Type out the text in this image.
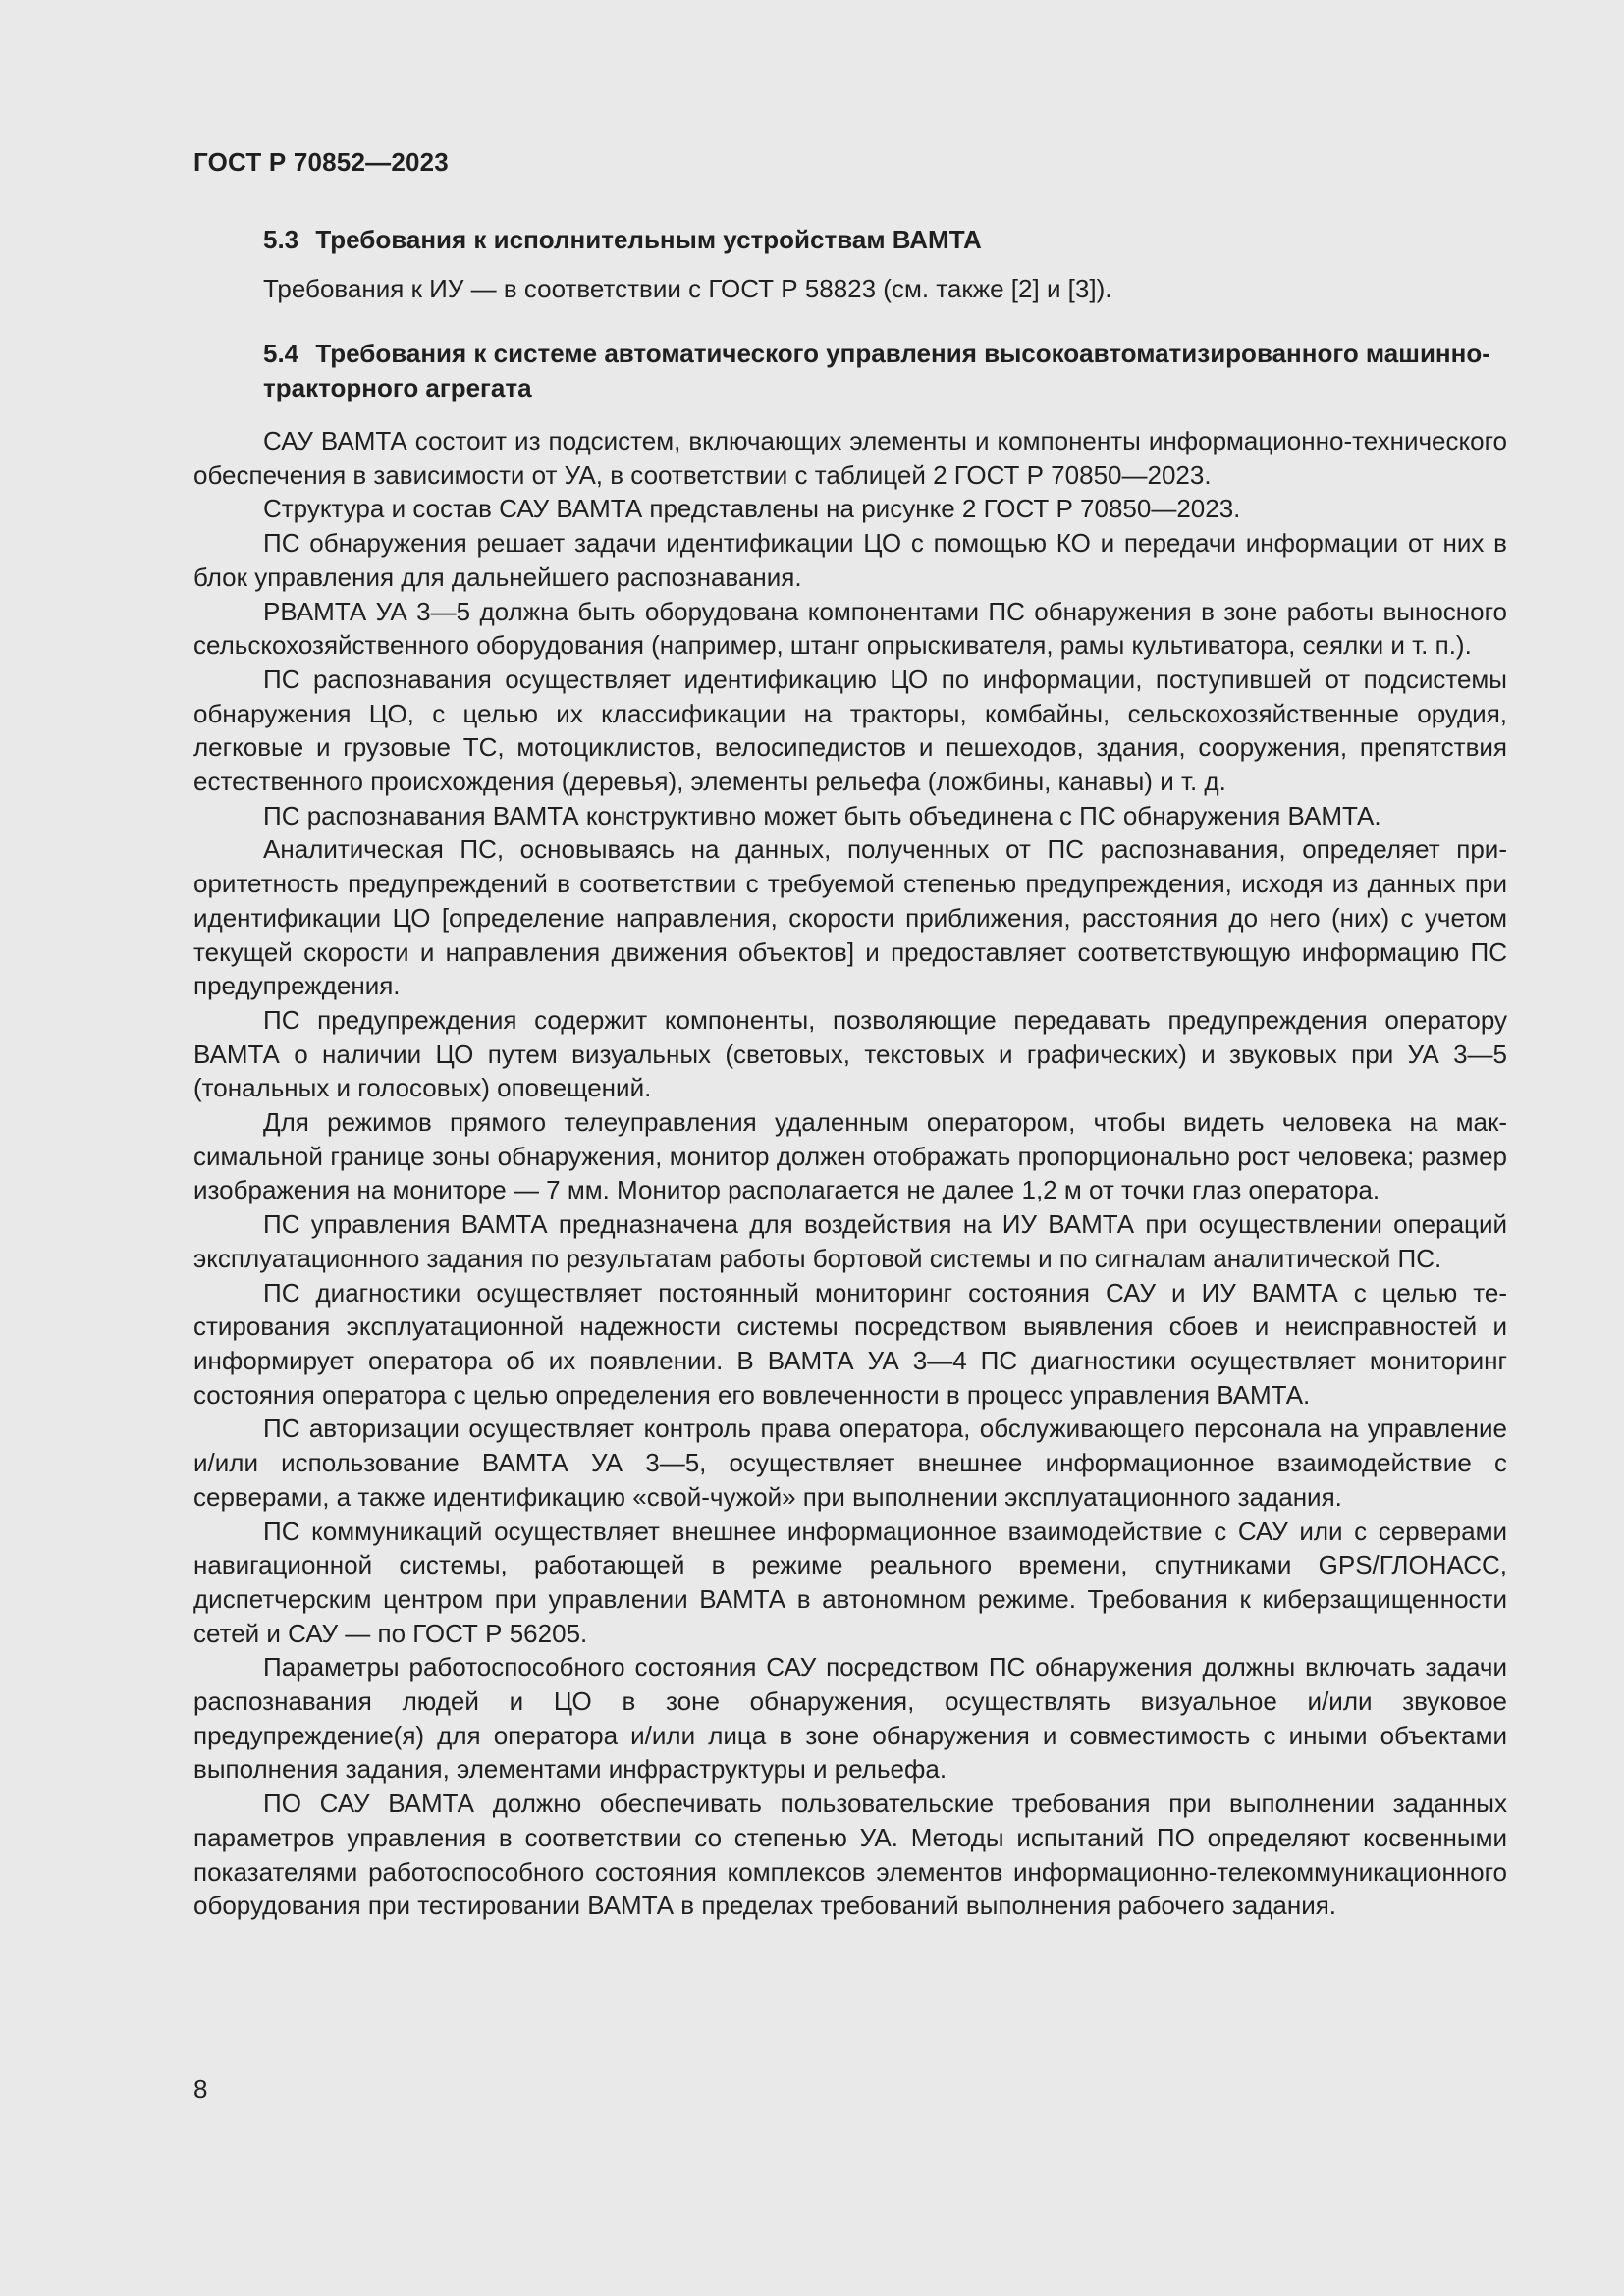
ГОСТ Р 70852—2023

5.3 Требования к исполнительным устройствам ВАМТА

Требования к ИУ — в соответствии с ГОСТ Р 58823 (см. также [2] и [3]).

5.4 Требования к системе автоматического управления высокоавтоматизированного машинно-тракторного агрегата

САУ ВАМТА состоит из подсистем, включающих элементы и компоненты информационно-технического обеспечения в зависимости от УА, в соответствии с таблицей 2 ГОСТ Р 70850—2023.

Структура и состав САУ ВАМТА представлены на рисунке 2 ГОСТ Р 70850—2023.

ПС обнаружения решает задачи идентификации ЦО с помощью КО и передачи информации от них в блок управления для дальнейшего распознавания.

РВАМТА УА 3—5 должна быть оборудована компонентами ПС обнаружения в зоне работы выносного сельскохозяйственного оборудования (например, штанг опрыскивателя, рамы культиватора, сеялки и т. п.).

ПС распознавания осуществляет идентификацию ЦО по информации, поступившей от подсистемы обнаружения ЦО, с целью их классификации на тракторы, комбайны, сельскохозяйственные орудия, легковые и грузовые ТС, мотоциклистов, велосипедистов и пешеходов, здания, сооружения, препятствия естественного происхождения (деревья), элементы рельефа (ложбины, канавы) и т. д.

ПС распознавания ВАМТА конструктивно может быть объединена с ПС обнаружения ВАМТА.

Аналитическая ПС, основываясь на данных, полученных от ПС распознавания, определяет приоритетность предупреждений в соответствии с требуемой степенью предупреждения, исходя из данных при идентификации ЦО [определение направления, скорости приближения, расстояния до него (них) с учетом текущей скорости и направления движения объектов] и предоставляет соответствующую информацию ПС предупреждения.

ПС предупреждения содержит компоненты, позволяющие передавать предупреждения оператору ВАМТА о наличии ЦО путем визуальных (световых, текстовых и графических) и звуковых при УА 3—5 (тональных и голосовых) оповещений.

Для режимов прямого телеуправления удаленным оператором, чтобы видеть человека на максимальной границе зоны обнаружения, монитор должен отображать пропорционально рост человека; размер изображения на мониторе — 7 мм. Монитор располагается не далее 1,2 м от точки глаз оператора.

ПС управления ВАМТА предназначена для воздействия на ИУ ВАМТА при осуществлении операций эксплуатационного задания по результатам работы бортовой системы и по сигналам аналитической ПС.

ПС диагностики осуществляет постоянный мониторинг состояния САУ и ИУ ВАМТА с целью тестирования эксплуатационной надежности системы посредством выявления сбоев и неисправностей и информирует оператора об их появлении. В ВАМТА УА 3—4 ПС диагностики осуществляет мониторинг состояния оператора с целью определения его вовлеченности в процесс управления ВАМТА.

ПС авторизации осуществляет контроль права оператора, обслуживающего персонала на управление и/или использование ВАМТА УА 3—5, осуществляет внешнее информационное взаимодействие с серверами, а также идентификацию «свой-чужой» при выполнении эксплуатационного задания.

ПС коммуникаций осуществляет внешнее информационное взаимодействие с САУ или с серверами навигационной системы, работающей в режиме реального времени, спутниками GPS/ГЛОНАСС, диспетчерским центром при управлении ВАМТА в автономном режиме. Требования к киберзащищенности сетей и САУ — по ГОСТ Р 56205.

Параметры работоспособного состояния САУ посредством ПС обнаружения должны включать задачи распознавания людей и ЦО в зоне обнаружения, осуществлять визуальное и/или звуковое предупреждение(я) для оператора и/или лица в зоне обнаружения и совместимость с иными объектами выполнения задания, элементами инфраструктуры и рельефа.

ПО САУ ВАМТА должно обеспечивать пользовательские требования при выполнении заданных параметров управления в соответствии со степенью УА. Методы испытаний ПО определяют косвенными показателями работоспособного состояния комплексов элементов информационно-телекоммуникационного оборудования при тестировании ВАМТА в пределах требований выполнения рабочего задания.

8
